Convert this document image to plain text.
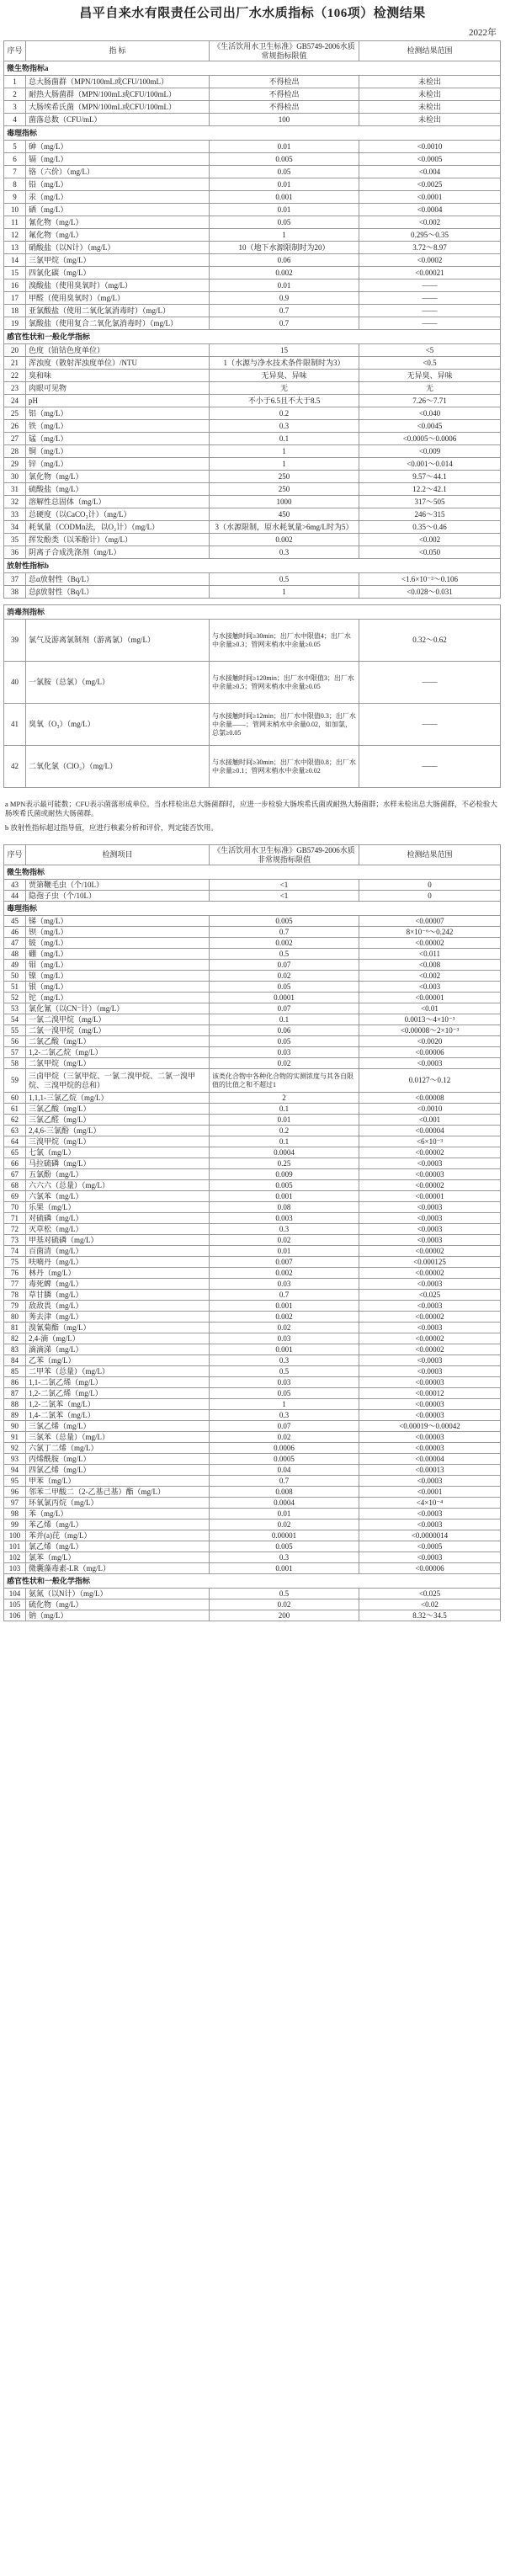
昌平自来水有限责任公司出厂水水质指标（106项）检测结果
2022年
序号	指 标	《生活饮用水卫生标准》GB5749-2006水质常规指标限值	检测结果范围
微生物指标a			
1	总大肠菌群（MPN/100mL或CFU/100mL）	不得检出	未检出
2	耐热大肠菌群（MPN/100mL或CFU/100mL）	不得检出	未检出
3	大肠埃希氏菌（MPN/100mL或CFU/100mL）	不得检出	未检出
4	菌落总数（CFU/mL）	100	未检出
毒理指标			
5	砷（mg/L）	0.01	<0.0010
6	镉（mg/L）	0.005	<0.0005
7	铬（六价）（mg/L）	0.05	<0.004
8	铅（mg/L）	0.01	<0.0025
9	汞（mg/L）	0.001	<0.0001
10	硒（mg/L）	0.01	<0.0004
11	氰化物（mg/L）	0.05	<0.002
12	氟化物（mg/L）	1	0.295～0.35
13	硝酸盐（以N计）（mg/L）	10（地下水源限制时为20）	3.72～8.97
14	三氯甲烷（mg/L）	0.06	<0.0002
15	四氯化碳（mg/L）	0.002	<0.00021
16	溴酸盐（使用臭氧时）（mg/L）	0.01	——
17	甲醛（使用臭氧时）（mg/L）	0.9	——
18	亚氯酸盐（使用二氧化氯消毒时）（mg/L）	0.7	——
19	氯酸盐（使用复合二氧化氯消毒时）（mg/L）	0.7	——
感官性状和一般化学指标			
20	色度（铂钴色度单位）	15	<5
21	浑浊度（散射浑浊度单位）/NTU	1（水源与净水技术条件限制时为3）	<0.5
22	臭和味	无异臭、异味	无异臭、异味
23	肉眼可见物	无	无
24	pH	不小于6.5且不大于8.5	7.26～7.71
25	铝（mg/L）	0.2	<0.040
26	铁（mg/L）	0.3	<0.0045
27	锰（mg/L）	0.1	<0.0005～0.0006
28	铜（mg/L）	1	<0.009
29	锌（mg/L）	1	<0.001～0.014
30	氯化物（mg/L）	250	9.57～44.1
31	硫酸盐（mg/L）	250	12.2～42.1
32	溶解性总固体（mg/L）	1000	317～505
33	总硬度（以CaCO₃计）（mg/L）	450	246～315
34	耗氧量（CODMn法，以O₂计）（mg/L）	3（水源限制，原水耗氧量>6mg/L时为5）	0.35～0.46
35	挥发酚类（以苯酚计）（mg/L）	0.002	<0.002
36	阴离子合成洗涤剂（mg/L）	0.3	<0.050
放射性指标b			
37	总α放射性（Bq/L）	0.5	<1.6×10⁻²～0.106
38	总β放射性（Bq/L）	1	<0.028～0.031

消毒剂指标			
39	氯气及游离氯制剂（游离氯）（mg/L）	与水接触时间≥30min；出厂水中限值4；出厂水中余量≥0.3；管网末梢水中余量≥0.05	0.32～0.62
40	一氯胺（总氯）（mg/L）	与水接触时间≥120min；出厂水中限值3；出厂水中余量≥0.5；管网末梢水中余量≥0.05	——
41	臭氧（O₃）（mg/L）	与水接触时间≥12min；出厂水中限值0.3；出厂水中余量——；管网末梢水中余量0.02，如加氯，总氯≥0.05	——
42	二氧化氯（ClO₂）（mg/L）	与水接触时间≥30min；出厂水中限值0.8；出厂水中余量≥0.1；管网末梢水中余量≥0.02	——

a MPN表示最可能数；CFU表示菌落形成单位。当水样检出总大肠菌群时，应进一步检验大肠埃希氏菌或耐热大肠菌群；水样未检出总大肠菌群，不必检验大肠埃希氏菌或耐热大肠菌群。

b 放射性指标超过指导值，应进行核素分析和评价，判定能否饮用。

序号	检测项目	《生活饮用水卫生标准》GB5749-2006水质非常规指标限值	检测结果范围
微生物指标			
43	贾第鞭毛虫（个/10L）	<1	0
44	隐孢子虫（个/10L）	<1	0
毒理指标			
45	锑（mg/L）	0.005	<0.00007
46	钡（mg/L）	0.7	8×10⁻⁶～0.242
47	铍（mg/L）	0.002	<0.00002
48	硼（mg/L）	0.5	<0.011
49	钼（mg/L）	0.07	<0.008
50	镍（mg/L）	0.02	<0.002
51	银（mg/L）	0.05	<0.003
52	铊（mg/L）	0.0001	<0.00001
53	氯化氰（以CN⁻计）（mg/L）	0.07	<0.01
54	一氯二溴甲烷（mg/L）	0.1	0.0013～4×10⁻³
55	二氯一溴甲烷（mg/L）	0.06	<0.00008～2×10⁻³
56	二氯乙酸（mg/L）	0.05	<0.0020
57	1,2-二氯乙烷（mg/L）	0.03	<0.00006
58	二氯甲烷（mg/L）	0.02	<0.0003
59	三卤甲烷（三氯甲烷、一氯二溴甲烷、二氯一溴甲烷、三溴甲烷的总和）	该类化合物中各种化合物的实测浓度与其各自限值的比值之和不超过1	0.0127～0.12
60	1,1,1-三氯乙烷（mg/L）	2	<0.00008
61	三氯乙酸（mg/L）	0.1	<0.0010
62	三氯乙醛（mg/L）	0.01	<0.001
63	2,4,6-三氯酚（mg/L）	0.2	<0.00004
64	三溴甲烷（mg/L）	0.1	<6×10⁻³
65	七氯（mg/L）	0.0004	<0.00002
66	马拉硫磷（mg/L）	0.25	<0.0003
67	五氯酚（mg/L）	0.009	<0.00003
68	六六六（总量）（mg/L）	0.005	<0.00002
69	六氯苯（mg/L）	0.001	<0.00001
70	乐果（mg/L）	0.08	<0.0003
71	对硫磷（mg/L）	0.003	<0.0003
72	灭草松（mg/L）	0.3	<0.0003
73	甲基对硫磷（mg/L）	0.02	<0.0003
74	百菌清（mg/L）	0.01	<0.00002
75	呋喃丹（mg/L）	0.007	<0.000125
76	林丹（mg/L）	0.002	<0.00002
77	毒死蜱（mg/L）	0.03	<0.0003
78	草甘膦（mg/L）	0.7	<0.025
79	敌敌畏（mg/L）	0.001	<0.0003
80	莠去津（mg/L）	0.002	<0.00002
81	溴氰菊酯（mg/L）	0.02	<0.0003
82	2,4-滴（mg/L）	0.03	<0.00002
83	滴滴涕（mg/L）	0.001	<0.00002
84	乙苯（mg/L）	0.3	<0.0003
85	二甲苯（总量）（mg/L）	0.5	<0.0003
86	1,1-二氯乙烯（mg/L）	0.03	<0.00003
87	1,2-二氯乙烯（mg/L）	0.05	<0.00012
88	1,2-二氯苯（mg/L）	1	<0.00003
89	1,4-二氯苯（mg/L）	0.3	<0.00003
90	三氯乙烯（mg/L）	0.07	<0.00019～0.00042
91	三氯苯（总量）（mg/L）	0.02	<0.00003
92	六氯丁二烯（mg/L）	0.0006	<0.00003
93	丙烯酰胺（mg/L）	0.0005	<0.00004
94	四氯乙烯（mg/L）	0.04	<0.00013
95	甲苯（mg/L）	0.7	<0.0003
96	邻苯二甲酸二（2-乙基己基）酯（mg/L）	0.008	<0.0001
97	环氧氯丙烷（mg/L）	0.0004	<4×10⁻⁴
98	苯（mg/L）	0.01	<0.0003
99	苯乙烯（mg/L）	0.02	<0.0003
100	苯并(a)芘（mg/L）	0.00001	<0.0000014
101	氯乙烯（mg/L）	0.005	<0.0005
102	氯苯（mg/L）	0.3	<0.0003
103	微囊藻毒素-LR（mg/L）	0.001	<0.00006
感官性状和一般化学指标			
104	氨氮（以N计）（mg/L）	0.5	<0.025
105	硫化物（mg/L）	0.02	<0.02
106	钠（mg/L）	200	8.32～34.5
